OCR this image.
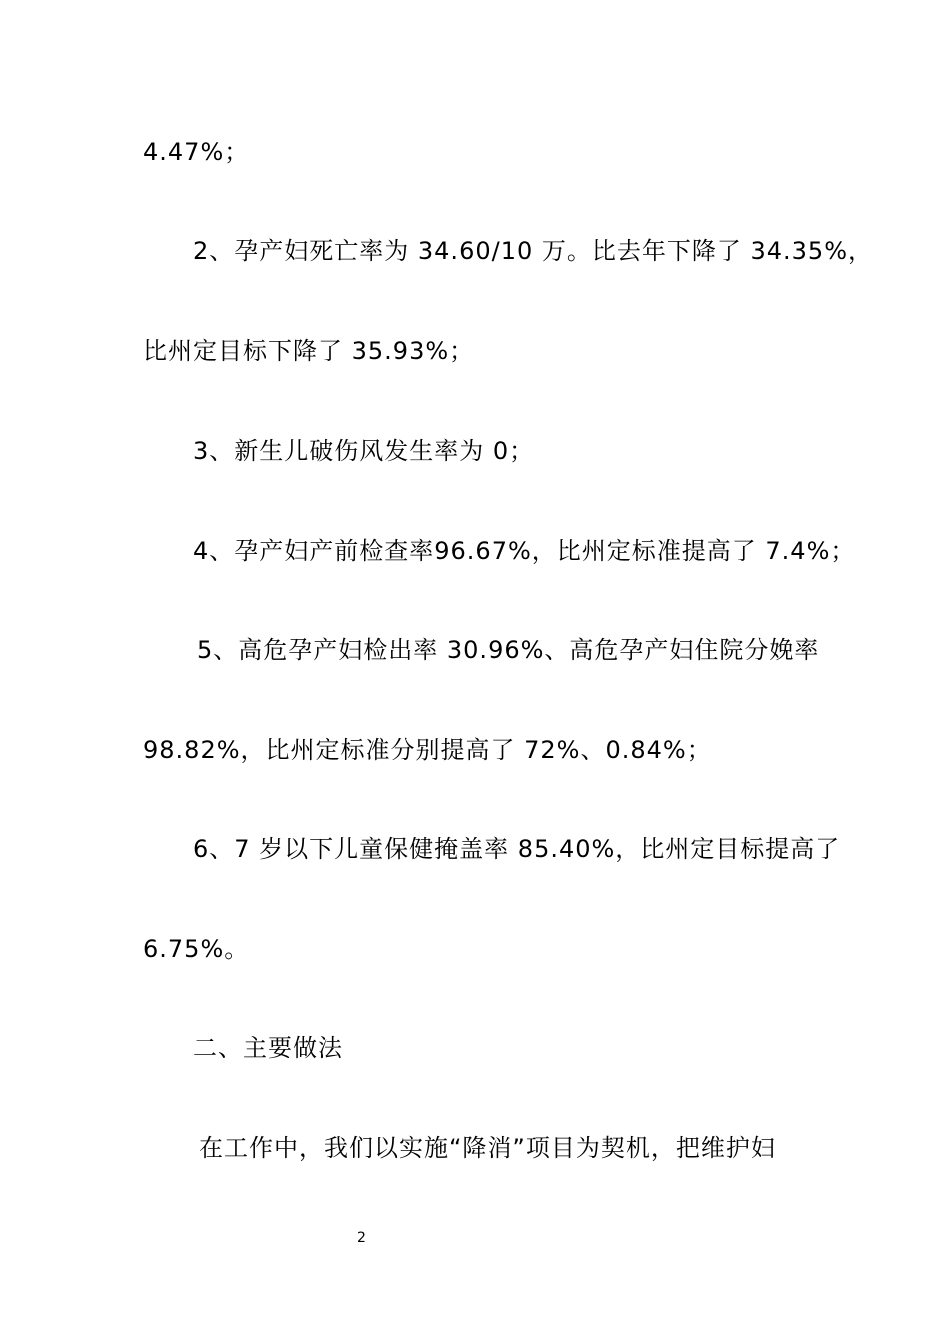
4.47%；
2、孕产妇死亡率为 34.60/10 万。比去年下降了 34.35%，
比州定目标下降了 35.93%；
3、新生儿破伤风发生率为 0；
4、孕产妇产前检查率96.67%，比州定标准提高了 7.4%；
5、高危孕产妇检出率 30.96%、高危孕产妇住院分娩率
98.82%，比州定标准分别提高了 72%、0.84%；
6、7 岁以下儿童保健掩盖率 85.40%，比州定目标提高了
6.75%。
二、主要做法
在工作中，我们以实施“降消”项目为契机，把维护妇
2
